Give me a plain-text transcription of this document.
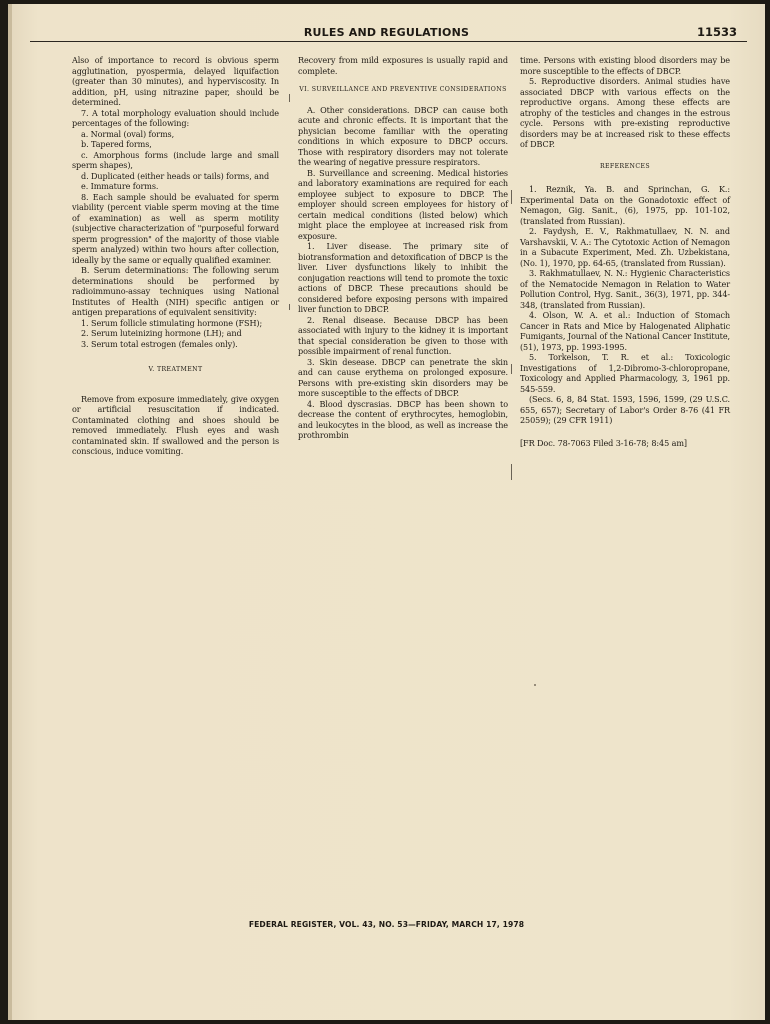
RULES AND REGULATIONS	11533

Also of importance to record is obvious sperm agglutination, pyospermia, delayed liquifaction (greater than 30 minutes), and hyperviscosity. In addition, pH, using nitrazine paper, should be determined.

7. A total morphology evaluation should include percentages of the following:

a. Normal (oval) forms,

b. Tapered forms,

c. Amorphous forms (include large and small sperm shapes),

d. Duplicated (either heads or tails) forms, and

e. Immature forms.

8. Each sample should be evaluated for sperm viability (percent viable sperm moving at the time of examination) as well as sperm motility (subjective characterization of "purposeful forward sperm progression" of the majority of those viable sperm analyzed) within two hours after collection, ideally by the same or equally qualified examiner.

B. Serum determinations: The following serum determinations should be performed by radioimmuno-assay techniques using National Institutes of Health (NIH) specific antigen or antigen preparations of equivalent sensitivity:

1. Serum follicle stimulating hormone (FSH);

2. Serum luteinizing hormone (LH); and

3. Serum total estrogen (females only).

V. TREATMENT

Remove from exposure immediately, give oxygen or artificial resuscitation if indicated. Contaminated clothing and shoes should be removed immediately. Flush eyes and wash contaminated skin. If swallowed and the person is conscious, induce vomiting.

Recovery from mild exposures is usually rapid and complete.

VI. SURVEILLANCE AND PREVENTIVE CONSIDERATIONS

A. Other considerations. DBCP can cause both acute and chronic effects. It is important that the physician become familiar with the operating conditions in which exposure to DBCP occurs. Those with respiratory disorders may not tolerate the wearing of negative pressure respirators.

B. Surveillance and screening. Medical histories and laboratory examinations are required for each employee subject to exposure to DBCP. The employer should screen employees for history of certain medical conditions (listed below) which might place the employee at increased risk from exposure.

1. Liver disease. The primary site of biotransformation and detoxification of DBCP is the liver. Liver dysfunctions likely to inhibit the conjugation reactions will tend to promote the toxic actions of DBCP. These precautions should be considered before exposing persons with impaired liver function to DBCP.

2. Renal disease. Because DBCP has been associated with injury to the kidney it is important that special consideration be given to those with possible impairment of renal function.

3. Skin desease. DBCP can penetrate the skin and can cause erythema on prolonged exposure. Persons with pre-existing skin disorders may be more susceptible to the effects of DBCP.

4. Blood dyscrasias. DBCP has been shown to decrease the content of erythrocytes, hemoglobin, and leukocytes in the blood, as well as increase the prothrombin

time. Persons with existing blood disorders may be more susceptible to the effects of DBCP.

5. Reproductive disorders. Animal studies have associated DBCP with various effects on the reproductive organs. Among these effects are atrophy of the testicles and changes in the estrous cycle. Persons with pre-existing reproductive disorders may be at increased risk to these effects of DBCP.

REFERENCES

1. Reznik, Ya. B. and Sprinchan, G. K.: Experimental Data on the Gonadotoxic effect of Nemagon, Gig. Sanit., (6), 1975, pp. 101-102, (translated from Russian).

2. Faydysh, E. V., Rakhmatullaev, N. N. and Varshavskii, V. A.: The Cytotoxic Action of Nemagon in a Subacute Experiment, Med. Zh. Uzbekistana, (No. 1), 1970, pp. 64-65, (translated from Russian).

3. Rakhmatullaev, N. N.: Hygienic Characteristics of the Nematocide Nemagon in Relation to Water Pollution Control, Hyg. Sanit., 36(3), 1971, pp. 344-348, (translated from Russian).

4. Olson, W. A. et al.: Induction of Stomach Cancer in Rats and Mice by Halogenated Aliphatic Fumigants, Journal of the National Cancer Institute, (51), 1973, pp. 1993-1995.

5. Torkelson, T. R. et al.: Toxicologic Investigations of 1,2-Dibromo-3-chloropropane, Toxicology and Applied Pharmacology, 3, 1961 pp. 545-559.

(Secs. 6, 8, 84 Stat. 1593, 1596, 1599, (29 U.S.C. 655, 657); Secretary of Labor's Order 8-76 (41 FR 25059); (29 CFR 1911)

[FR Doc. 78-7063 Filed 3-16-78; 8:45 am]

FEDERAL REGISTER, VOL. 43, NO. 53—FRIDAY, MARCH 17, 1978
